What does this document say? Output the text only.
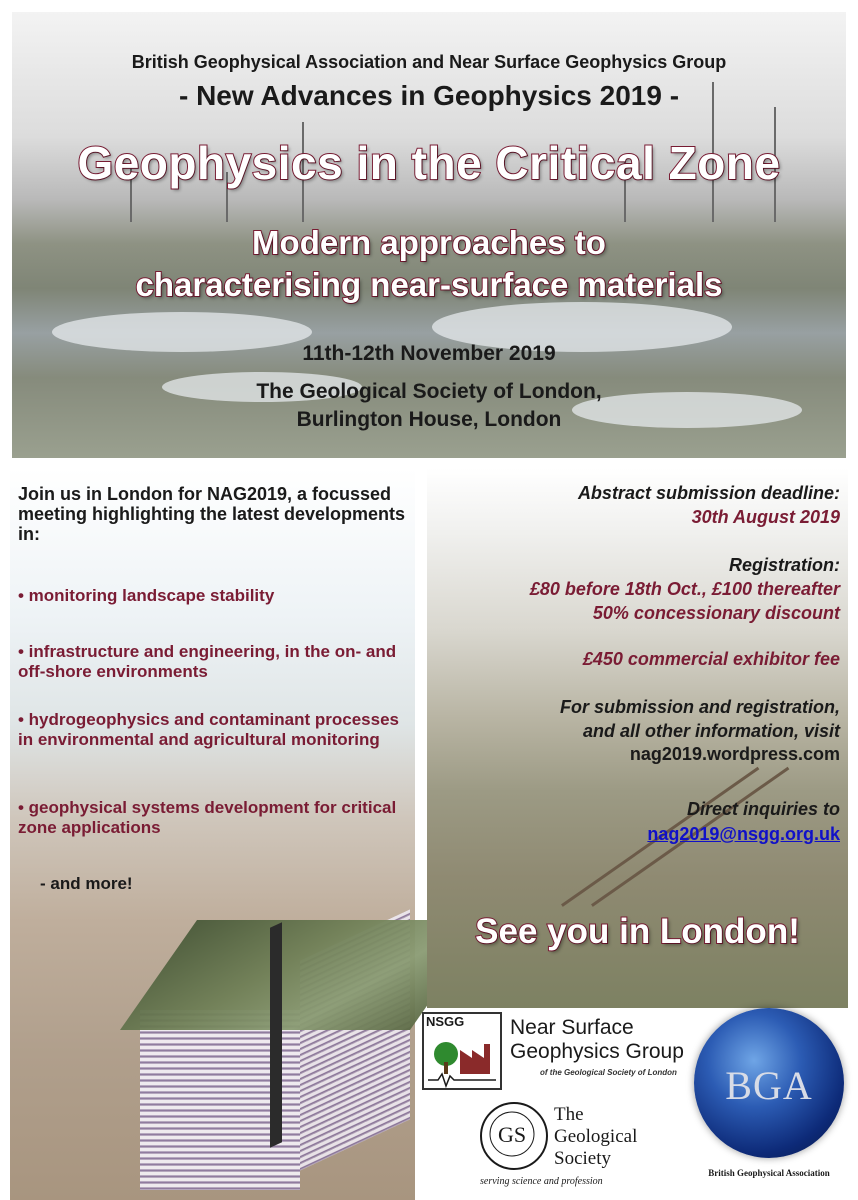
British Geophysical Association and Near Surface Geophysics Group
- New Advances in Geophysics 2019 -
Geophysics in the Critical Zone
Modern approaches to
characterising near-surface materials
11th-12th November 2019
The Geological Society of London,
Burlington House, London
Join us in London for NAG2019, a focussed meeting highlighting the latest developments in:
• monitoring landscape stability
• infrastructure and engineering, in the on- and off-shore environments
• hydrogeophysics and contaminant processes in environmental and agricultural monitoring
• geophysical systems development for critical zone applications
- and more!
Abstract submission deadline:
30th August 2019
Registration:
£80 before 18th Oct., £100 thereafter
50% concessionary discount
£450 commercial exhibitor fee
For submission and registration,
and all other information, visit
nag2019.wordpress.com
Direct inquiries to
nag2019@nsgg.org.uk
See you in London!
NSGG Near Surface
Geophysics Group
of the Geological Society of London
GS
The
Geological
Society
serving science and profession
BGA
British Geophysical Association
